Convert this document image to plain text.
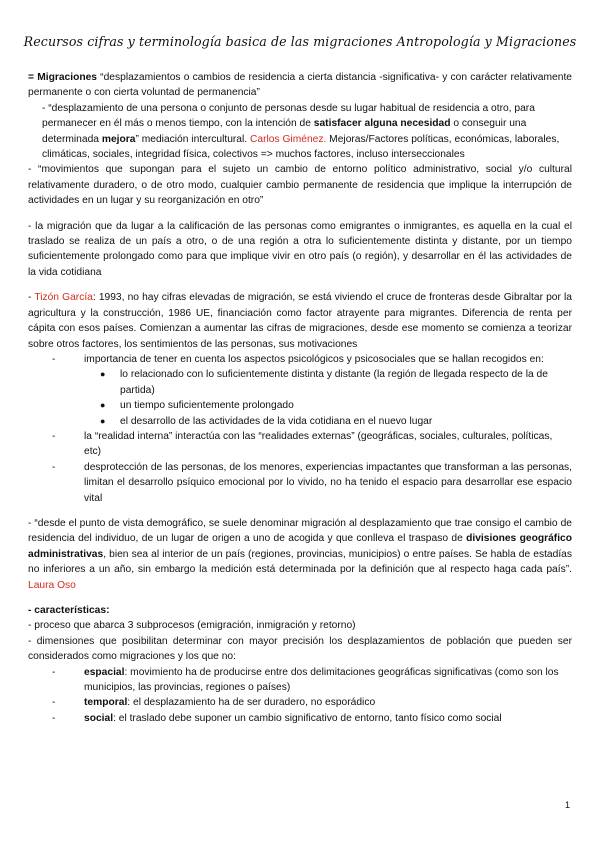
Recursos cifras y terminología basica de las migraciones Antropología y Migraciones

= Migraciones “desplazamientos o cambios de residencia a cierta distancia -significativa- y con carácter relativamente permanente o con cierta voluntad de permanencia”

- “desplazamiento de una persona o conjunto de personas desde su lugar habitual de residencia a otro, para permanecer en él más o menos tiempo, con la intención de satisfacer alguna necesidad o conseguir una determinada mejora” mediación intercultural. Carlos Giménez. Mejoras/Factores políticas, económicas, laborales, climáticas, sociales, integridad física, colectivos => muchos factores, incluso interseccionales

- “movimientos que supongan para el sujeto un cambio de entorno político administrativo, social y/o cultural relativamente duradero, o de otro modo, cualquier cambio permanente de residencia que implique la interrupción de actividades en un lugar y su reorganización en otro”

- la migración que da lugar a la calificación de las personas como emigrantes o inmigrantes, es aquella en la cual el traslado se realiza de un país a otro, o de una región a otra lo suficientemente distinta y distante, por un tiempo suficientemente prolongado como para que implique vivir en otro país (o región), y desarrollar en él las actividades de la vida cotidiana

- Tizón García: 1993, no hay cifras elevadas de migración, se está viviendo el cruce de fronteras desde Gibraltar por la agricultura y la construcción, 1986 UE, financiación como factor atrayente para migrantes. Diferencia de renta per cápita con esos países. Comienzan a aumentar las cifras de migraciones, desde ese momento se comienza a teorizar sobre otros factores, los sentimientos de las personas, sus motivaciones

-	importancia de tener en cuenta los aspectos psicológicos y psicosociales que se hallan recogidos en:
● lo relacionado con lo suficientemente distinta y distante (la región de llegada respecto de la de partida)
● un tiempo suficientemente prolongado
● el desarrollo de las actividades de la vida cotidiana en el nuevo lugar
-	la “realidad interna” interactúa con las “realidades externas” (geográficas, sociales, culturales, políticas, etc)
-	desprotección de las personas, de los menores, experiencias impactantes que transforman a las personas, limitan el desarrollo psíquico emocional por lo vivido, no ha tenido el espacio para desarrollar ese espacio vital

- “desde el punto de vista demográfico, se suele denominar migración al desplazamiento que trae consigo el cambio de residencia del individuo, de un lugar de origen a uno de acogida y que conlleva el traspaso de divisiones geográfico administrativas, bien sea al interior de un país (regiones, provincias, municipios) o entre países. Se habla de estadías no inferiores a un año, sin embargo la medición está determinada por la definición que al respecto haga cada país”. Laura Oso

- características:

- proceso que abarca 3 subprocesos (emigración, inmigración y retorno)

- dimensiones que posibilitan determinar con mayor precisión los desplazamientos de población que pueden ser considerados como migraciones y los que no:

-	espacial: movimiento ha de producirse entre dos delimitaciones geográficas significativas (como son los municipios, las provincias, regiones o países)
-	temporal: el desplazamiento ha de ser duradero, no esporádico
-	social: el traslado debe suponer un cambio significativo de entorno, tanto físico como social
1
